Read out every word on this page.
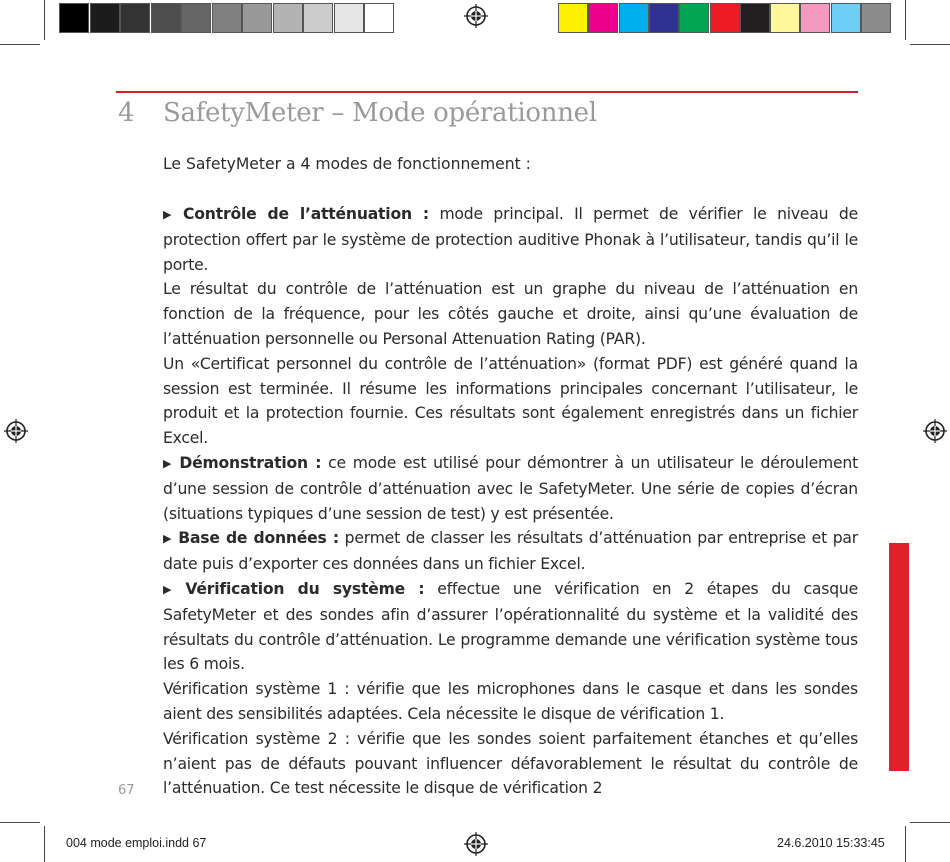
4 SafetyMeter – Mode opérationnel
Le SafetyMeter a 4 modes de fonctionnement :

▶ Contrôle de l’atténuation : mode principal. Il permet de vérifier le niveau de protection offert par le système de protection auditive Phonak à l’utilisateur, tandis qu’il le porte.

Le résultat du contrôle de l’atténuation est un graphe du niveau de l’atténuation en fonction de la fréquence, pour les côtés gauche et droite, ainsi qu’une évaluation de l’atténuation personnelle ou Personal Attenuation Rating (PAR).

Un «Certificat personnel du contrôle de l’atténuation» (format PDF) est généré quand la session est terminée. Il résume les informations principales concernant l’utilisateur, le produit et la protection fournie. Ces résultats sont également enregistrés dans un fichier Excel.

▶ Démonstration : ce mode est utilisé pour démontrer à un utilisateur le déroulement d’une session de contrôle d’atténuation avec le SafetyMeter. Une série de copies d’écran (situations typiques d’une session de test) y est présentée.

▶ Base de données : permet de classer les résultats d’atténuation par entreprise et par date puis d’exporter ces données dans un fichier Excel.

▶ Vérification du système : effectue une vérification en 2 étapes du casque SafetyMeter et des sondes afin d’assurer l’opérationnalité du système et la validité des résultats du contrôle d’atténuation. Le programme demande une vérification système tous les 6 mois.

Vérification système 1 : vérifie que les microphones dans le casque et dans les sondes aient des sensibilités adaptées. Cela nécessite le disque de vérification 1.

Vérification système 2 : vérifie que les sondes soient parfaitement étanches et qu’elles n’aient pas de défauts pouvant influencer défavorablement le résultat du contrôle de l’atténuation. Ce test nécessite le disque de vérification 2

67
004 mode emploi.indd 67	24.6.2010 15:33:45
